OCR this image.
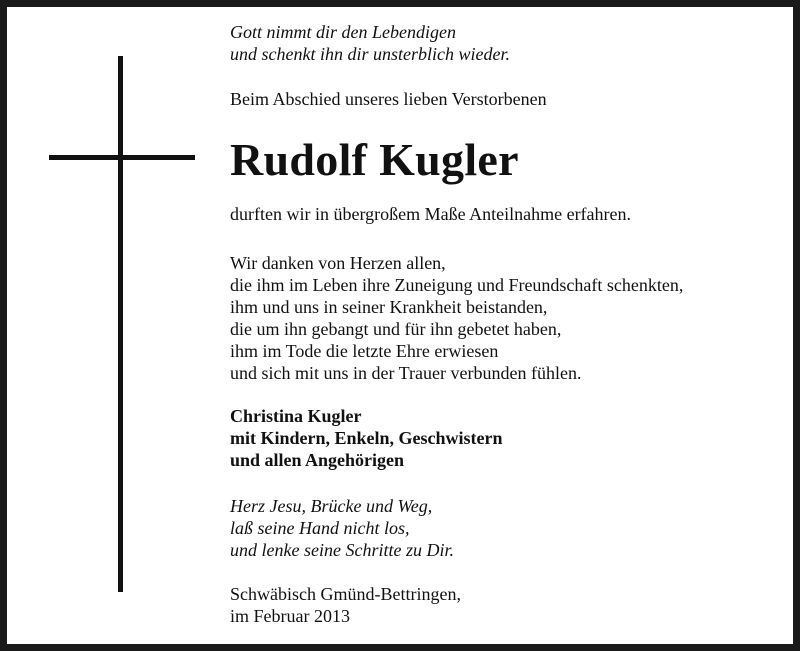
Gott nimmt dir den Lebendigen
und schenkt ihn dir unsterblich wieder.
Beim Abschied unseres lieben Verstorbenen
Rudolf Kugler
durften wir in übergroßem Maße Anteilnahme erfahren.
Wir danken von Herzen allen,
die ihm im Leben ihre Zuneigung und Freundschaft schenkten,
ihm und uns in seiner Krankheit beistanden,
die um ihn gebangt und für ihn gebetet haben,
ihm im Tode die letzte Ehre erwiesen
und sich mit uns in der Trauer verbunden fühlen.
Christina Kugler
mit Kindern, Enkeln, Geschwistern
und allen Angehörigen
Herz Jesu, Brücke und Weg,
laß seine Hand nicht los,
und lenke seine Schritte zu Dir.
Schwäbisch Gmünd-Bettringen,
im Februar 2013
